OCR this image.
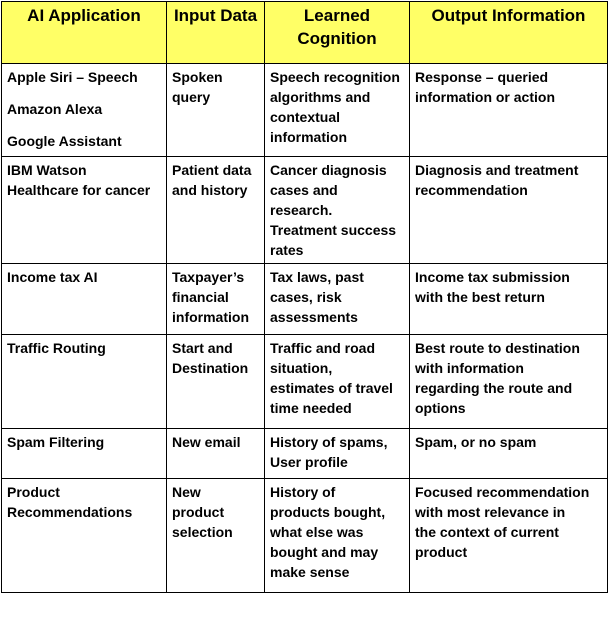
AI Application	Input Data	Learned
Cognition	Output Information

Apple Siri – Speech
Amazon Alexa
Google Assistant	Spoken
query	Speech recognition
algorithms and
contextual
information	Response – queried
information or action

IBM Watson
Healthcare for cancer	Patient data
and history	Cancer diagnosis
cases and
research.
Treatment success
rates	Diagnosis and treatment
recommendation

Income tax AI	Taxpayer’s
financial
information	Tax laws, past
cases, risk
assessments	Income tax submission
with the best return

Traffic Routing	Start and
Destination	Traffic and road
situation,
estimates of travel
time needed	Best route to destination
with information
regarding the route and
options

Spam Filtering	New email	History of spams,
User profile	Spam, or no spam

Product
Recommendations	New
product
selection	History of
products bought,
what else was
bought and may
make sense	Focused recommendation
with most relevance in
the context of current
product
